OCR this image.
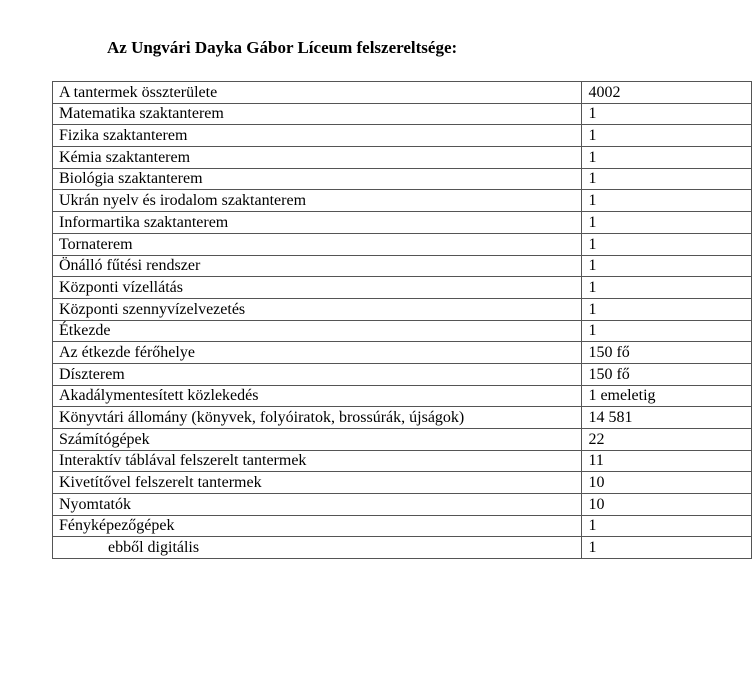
Az Ungvári Dayka Gábor Líceum felszereltsége:
A tantermek összterülete	4002
Matematika szaktanterem	1
Fizika szaktanterem	1
Kémia szaktanterem	1
Biológia szaktanterem	1
Ukrán nyelv és irodalom szaktanterem	1
Informartika szaktanterem	1
Tornaterem	1
Önálló fűtési rendszer	1
Központi vízellátás	1
Központi szennyvízelvezetés	1
Étkezde	1
Az étkezde férőhelye	150 fő
Díszterem	150 fő
Akadálymentesített közlekedés	1 emeletig
Könyvtári állomány (könyvek, folyóiratok, brossúrák, újságok)	14 581
Számítógépek	22
Interaktív táblával felszerelt tantermek	11
Kivetítővel felszerelt tantermek	10
Nyomtatók	10
Fényképezőgépek	1
ebből digitális	1
